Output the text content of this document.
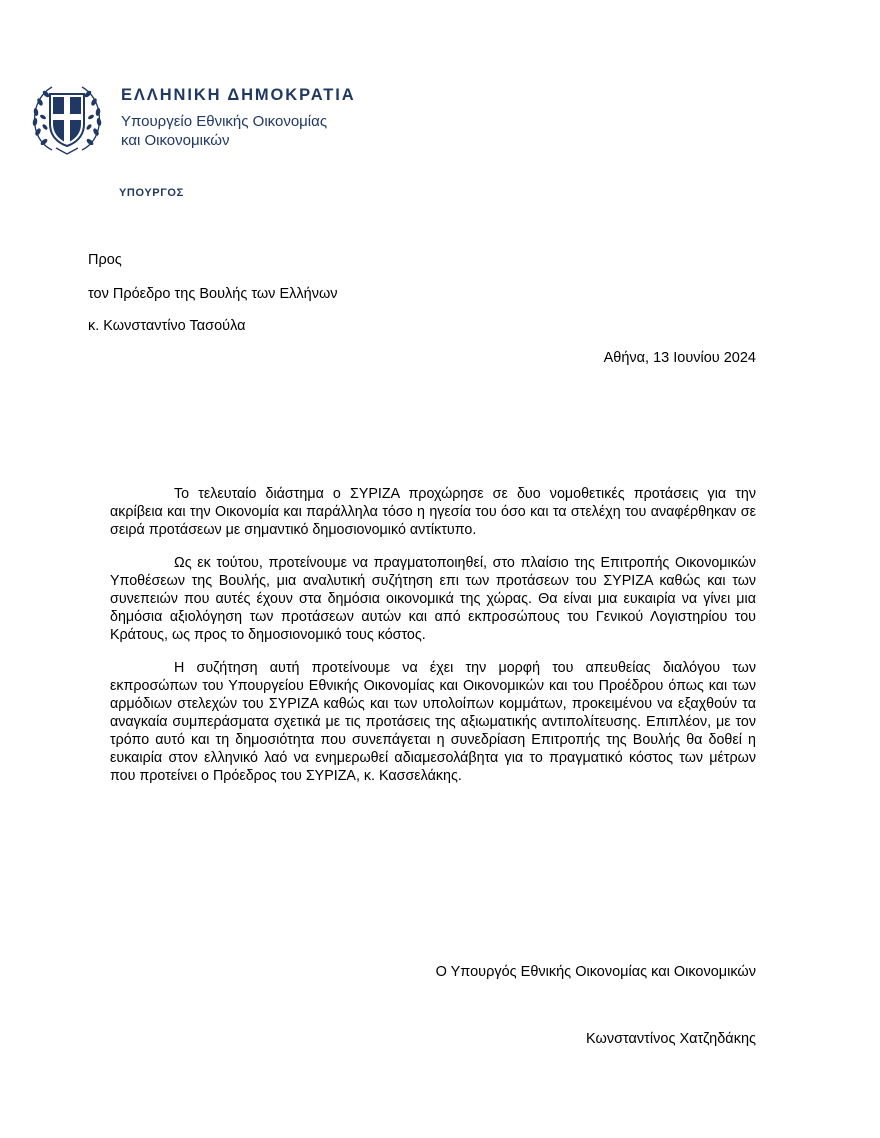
ΕΛΛΗΝΙΚΗ ΔΗΜΟΚΡΑΤΙΑ
Υπουργείο Εθνικής Οικονομίας
και Οικονομικών
ΥΠΟΥΡΓΟΣ
Προς
τον Πρόεδρο της Βουλής των Ελλήνων
κ. Κωνσταντίνο Τασούλα
Αθήνα, 13 Ιουνίου 2024

Το τελευταίο διάστημα ο ΣΥΡΙΖΑ προχώρησε σε δυο νομοθετικές προτάσεις για την ακρίβεια και την Οικονομία και παράλληλα τόσο η ηγεσία του όσο και τα στελέχη του αναφέρθηκαν σε σειρά προτάσεων με σημαντικό δημοσιονομικό αντίκτυπο.

Ως εκ τούτου, προτείνουμε να πραγματοποιηθεί, στο πλαίσιο της Επιτροπής Οικονομικών Υποθέσεων της Βουλής, μια αναλυτική συζήτηση επι των προτάσεων του ΣΥΡΙΖΑ καθώς και των συνεπειών που αυτές έχουν στα δημόσια οικονομικά της χώρας. Θα είναι μια ευκαιρία να γίνει μια δημόσια αξιολόγηση των προτάσεων αυτών και από εκπροσώπους του Γενικού Λογιστηρίου του Κράτους, ως προς το δημοσιονομικό τους κόστος.

Η συζήτηση αυτή προτείνουμε να έχει την μορφή του απευθείας διαλόγου των εκπροσώπων του Υπουργείου Εθνικής Οικονομίας και Οικονομικών και του Προέδρου όπως και των αρμόδιων στελεχών του ΣΥΡΙΖΑ καθώς και των υπολοίπων κομμάτων, προκειμένου να εξαχθούν τα αναγκαία συμπεράσματα σχετικά με τις προτάσεις της αξιωματικής αντιπολίτευσης. Επιπλέον, με τον τρόπο αυτό και τη δημοσιότητα που συνεπάγεται η συνεδρίαση Επιτροπής της Βουλής θα δοθεί η ευκαιρία στον ελληνικό λαό να ενημερωθεί αδιαμεσολάβητα για το πραγματικό κόστος των μέτρων που προτείνει ο Πρόεδρος του ΣΥΡΙΖΑ, κ. Κασσελάκης.

Ο Υπουργός Εθνικής Οικονομίας και Οικονομικών
Κωνσταντίνος Χατζηδάκης
